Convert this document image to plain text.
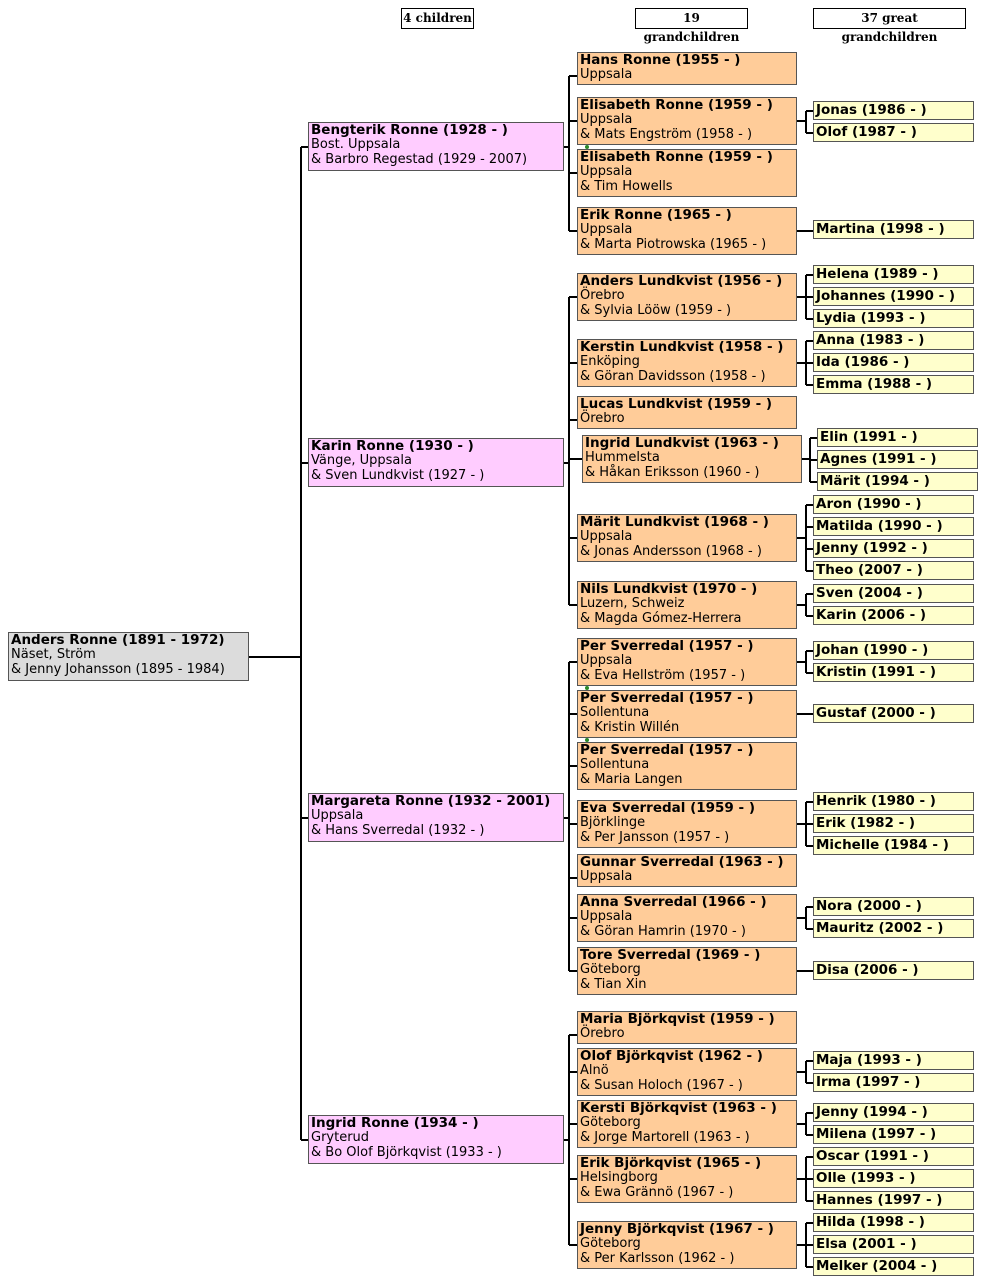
4 children	19 grandchildren
37 great grandchildren
Anders Ronne (1891 - 1972)
Näset, Ström
& Jenny Johansson (1895 - 1984)
Bengterik Ronne (1928 - )
Bost. Uppsala
& Barbro Regestad (1929 - 2007)
Hans Ronne (1955 - )
Uppsala
Elisabeth Ronne (1959 - )
Uppsala
& Mats Engström (1958 - )
Jonas (1986 - )
Olof (1987 - )
Elisabeth Ronne (1959 - )
Uppsala
& Tim Howells
Erik Ronne (1965 - )
Uppsala
& Marta Piotrowska (1965 - )
Martina (1998 - )
Karin Ronne (1930 - )
Vänge, Uppsala
& Sven Lundkvist (1927 - )
Anders Lundkvist (1956 - )
Örebro
& Sylvia Lööw (1959 - )
Helena (1989 - )
Johannes (1990 - )
Lydia (1993 - )
Kerstin Lundkvist (1958 - )
Enköping
& Göran Davidsson (1958 - )
Anna (1983 - )
Ida (1986 - )
Emma (1988 - )
Lucas Lundkvist (1959 - )
Örebro
Ingrid Lundkvist (1963 - )
Hummelsta
& Håkan Eriksson (1960 - )
Elin (1991 - )
Agnes (1991 - )
Märit (1994 - )
Märit Lundkvist (1968 - )
Uppsala
& Jonas Andersson (1968 - )
Aron (1990 - )
Matilda (1990 - )
Jenny (1992 - )
Theo (2007 - )
Nils Lundkvist (1970 - )
Luzern, Schweiz
& Magda Gómez-Herrera
Sven (2004 - )
Karin (2006 - )
Margareta Ronne (1932 - 2001)
Uppsala
& Hans Sverredal (1932 - )
Per Sverredal (1957 - )
Uppsala
& Eva Hellström (1957 - )
Johan (1990 - )
Kristin (1991 - )
Per Sverredal (1957 - )
Sollentuna
& Kristin Willén
Gustaf (2000 - )
Per Sverredal (1957 - )
Sollentuna
& Maria Langen
Eva Sverredal (1959 - )
Björklinge
& Per Jansson (1957 - )
Henrik (1980 - )
Erik (1982 - )
Michelle (1984 - )
Gunnar Sverredal (1963 - )
Uppsala
Anna Sverredal (1966 - )
Uppsala
& Göran Hamrin (1970 - )
Nora (2000 - )
Mauritz (2002 - )
Tore Sverredal (1969 - )
Göteborg
& Tian Xin
Disa (2006 - )
Ingrid Ronne (1934 - )
Gryterud
& Bo Olof Björkqvist (1933 - )
Maria Björkqvist (1959 - )
Örebro
Olof Björkqvist (1962 - )
Alnö
& Susan Holoch (1967 - )
Maja (1993 - )
Irma (1997 - )
Kersti Björkqvist (1963 - )
Göteborg
& Jorge Martorell (1963 - )
Jenny (1994 - )
Milena (1997 - )
Erik Björkqvist (1965 - )
Helsingborg
& Ewa Grännö (1967 - )
Oscar (1991 - )
Olle (1993 - )
Hannes (1997 - )
Jenny Björkqvist (1967 - )
Göteborg
& Per Karlsson (1962 - )
Hilda (1998 - )
Elsa (2001 - )
Melker (2004 - )
